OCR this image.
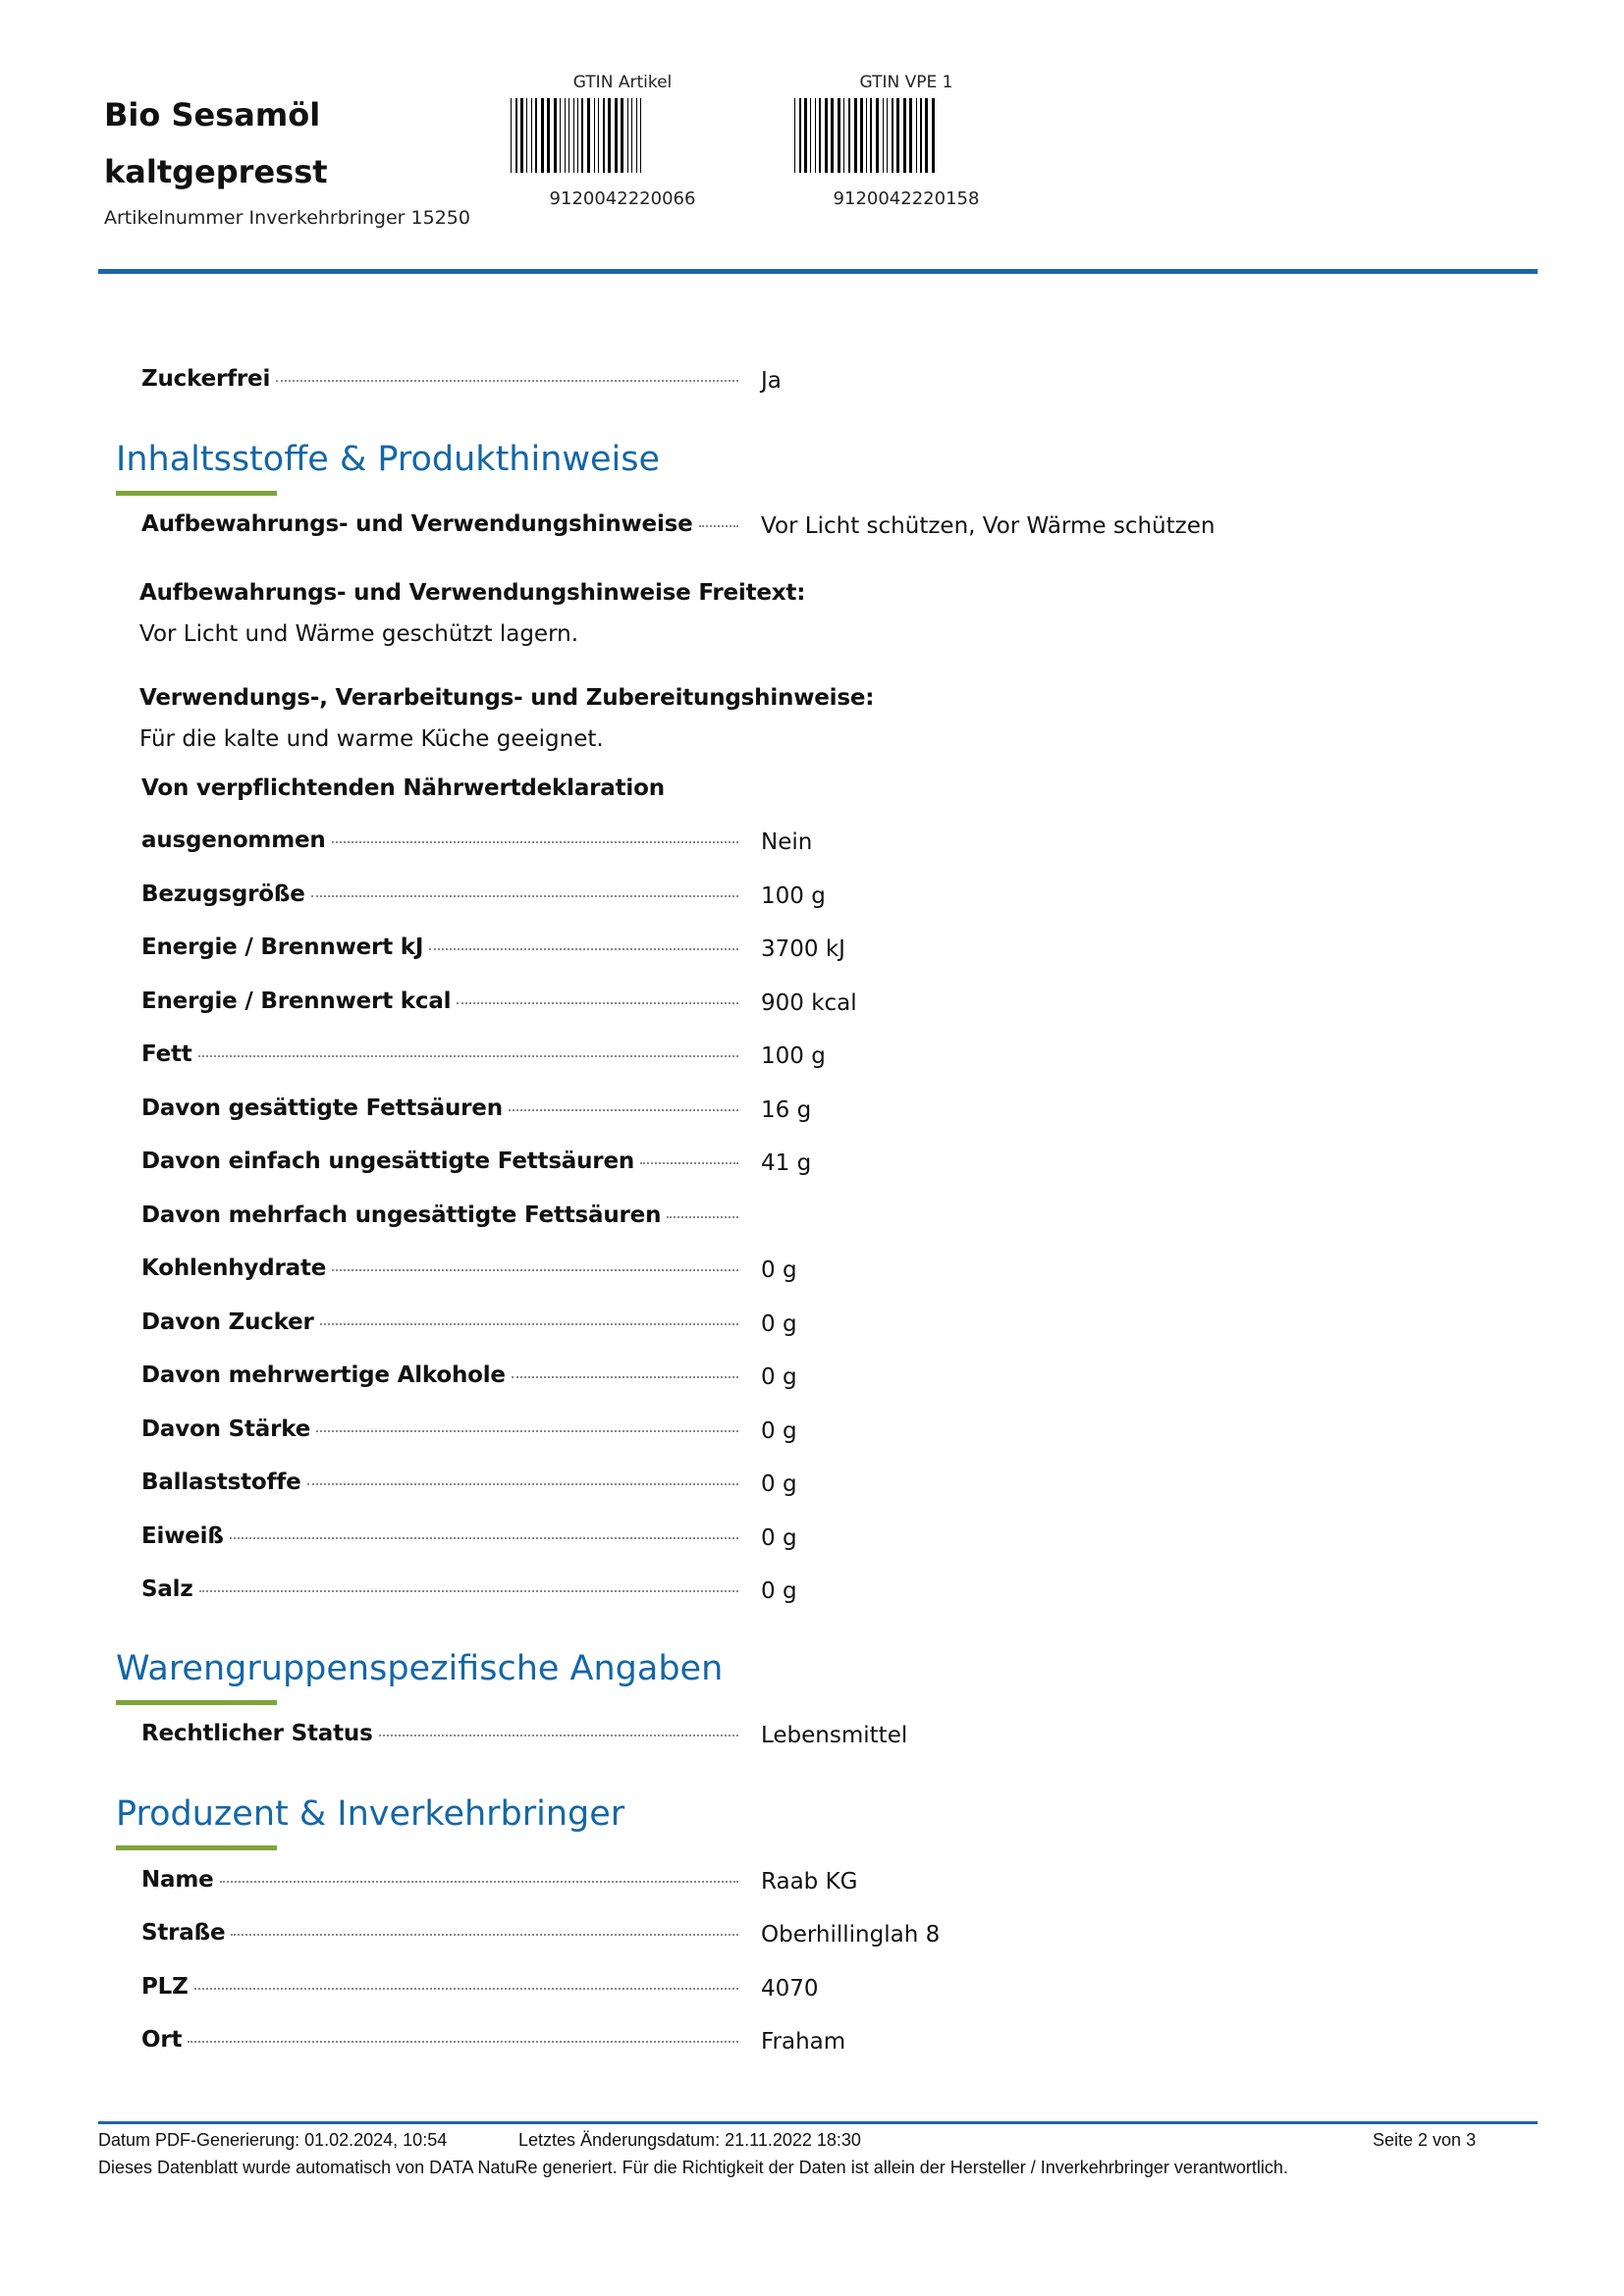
Bio Sesamöl
kaltgepresst
Artikelnummer Inverkehrbringer 15250
GTIN Artikel
9120042220066
GTIN VPE 1
9120042220158
Zuckerfrei	Ja
Inhaltsstoffe & Produkthinweise
Aufbewahrungs- und Verwendungshinweise	Vor Licht schützen, Vor Wärme schützen
Aufbewahrungs- und Verwendungshinweise Freitext:
Vor Licht und Wärme geschützt lagern.
Verwendungs-, Verarbeitungs- und Zubereitungshinweise:
Für die kalte und warme Küche geeignet.
Von verpflichtenden Nährwertdeklaration
ausgenommen	Nein
Bezugsgröße	100 g
Energie / Brennwert kJ	3700 kJ
Energie / Brennwert kcal	900 kcal
Fett	100 g
Davon gesättigte Fettsäuren	16 g
Davon einfach ungesättigte Fettsäuren	41 g
Davon mehrfach ungesättigte Fettsäuren
Kohlenhydrate	0 g
Davon Zucker	0 g
Davon mehrwertige Alkohole	0 g
Davon Stärke	0 g
Ballaststoffe	0 g
Eiweiß	0 g
Salz	0 g
Warengruppenspezifische Angaben
Rechtlicher Status	Lebensmittel
Produzent & Inverkehrbringer
Name	Raab KG
Straße	Oberhillinglah 8
PLZ	4070
Ort	Fraham
Datum PDF-Generierung: 01.02.2024, 10:54	Letztes Änderungsdatum: 21.11.2022 18:30	Seite 2 von 3
Dieses Datenblatt wurde automatisch von DATA NatuRe generiert. Für die Richtigkeit der Daten ist allein der Hersteller / Inverkehrbringer verantwortlich.
